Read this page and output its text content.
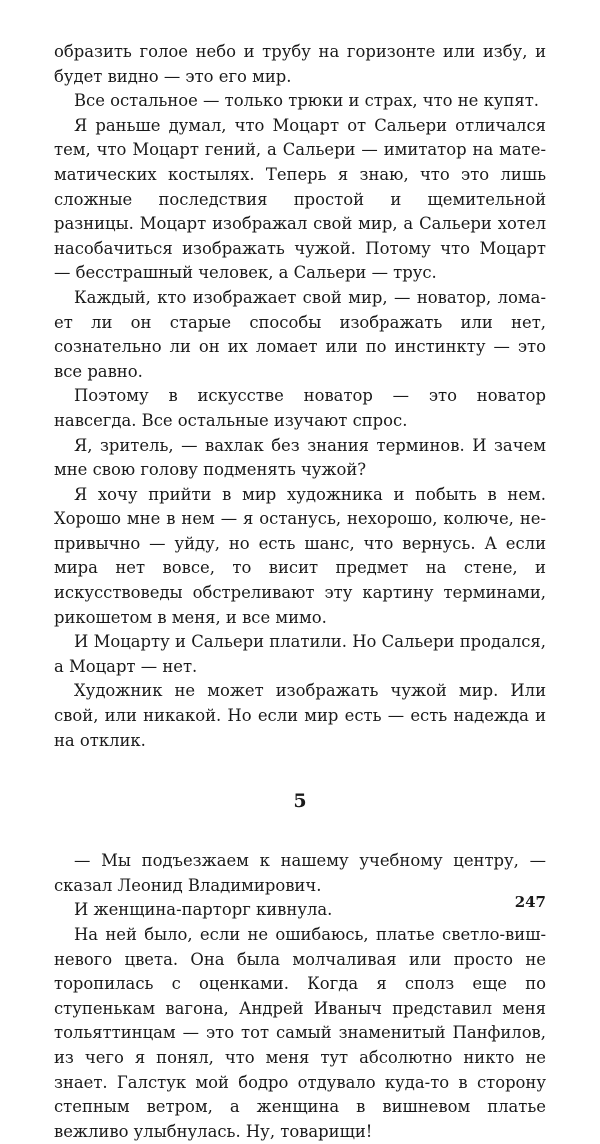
образить голое небо и трубу на горизонте или избу, и будет видно — это его мир.

Все остальное — только трюки и страх, что не купят.

Я раньше думал, что Моцарт от Сальери отличался тем, что Моцарт гений, а Сальери — имитатор на математических костылях. Теперь я знаю, что это лишь сложные последствия простой и щемительной разницы. Моцарт изображал свой мир, а Сальери хотел насобачиться изображать чужой. Потому что Моцарт — бесстрашный человек, а Сальери — трус.

Каждый, кто изображает свой мир, — новатор, ломает ли он старые способы изображать или нет, сознательно ли он их ломает или по инстинкту — это все равно.

Поэтому в искусстве новатор — это новатор навсегда. Все остальные изучают спрос.

Я, зритель, — вахлак без знания терминов. И зачем мне свою голову подменять чужой?

Я хочу прийти в мир художника и побыть в нем. Хорошо мне в нем — я останусь, нехорошо, колюче, непривычно — уйду, но есть шанс, что вернусь. А если мира нет вовсе, то висит предмет на стене, и искусствоведы обстреливают эту картину терминами, рикошетом в меня, и все мимо.

И Моцарту и Сальери платили. Но Сальери продался, а Моцарт — нет.

Художник не может изображать чужой мир. Или свой, или никакой. Но если мир есть — есть надежда и на отклик.

5

— Мы подъезжаем к нашему учебному центру, — сказал Леонид Владимирович.

И женщина-парторг кивнула.

На ней было, если не ошибаюсь, платье светло-вишневого цвета. Она была молчаливая или просто не торопилась с оценками. Когда я сполз еще по ступенькам вагона, Андрей Иваныч представил меня тольяттинцам — это тот самый знаменитый Панфилов, из чего я понял, что меня тут абсолютно никто не знает. Галстук мой бодро отдувало куда-то в сторону степным ветром, а женщина в вишневом платье вежливо улыбнулась. Ну, товарищи!

247
